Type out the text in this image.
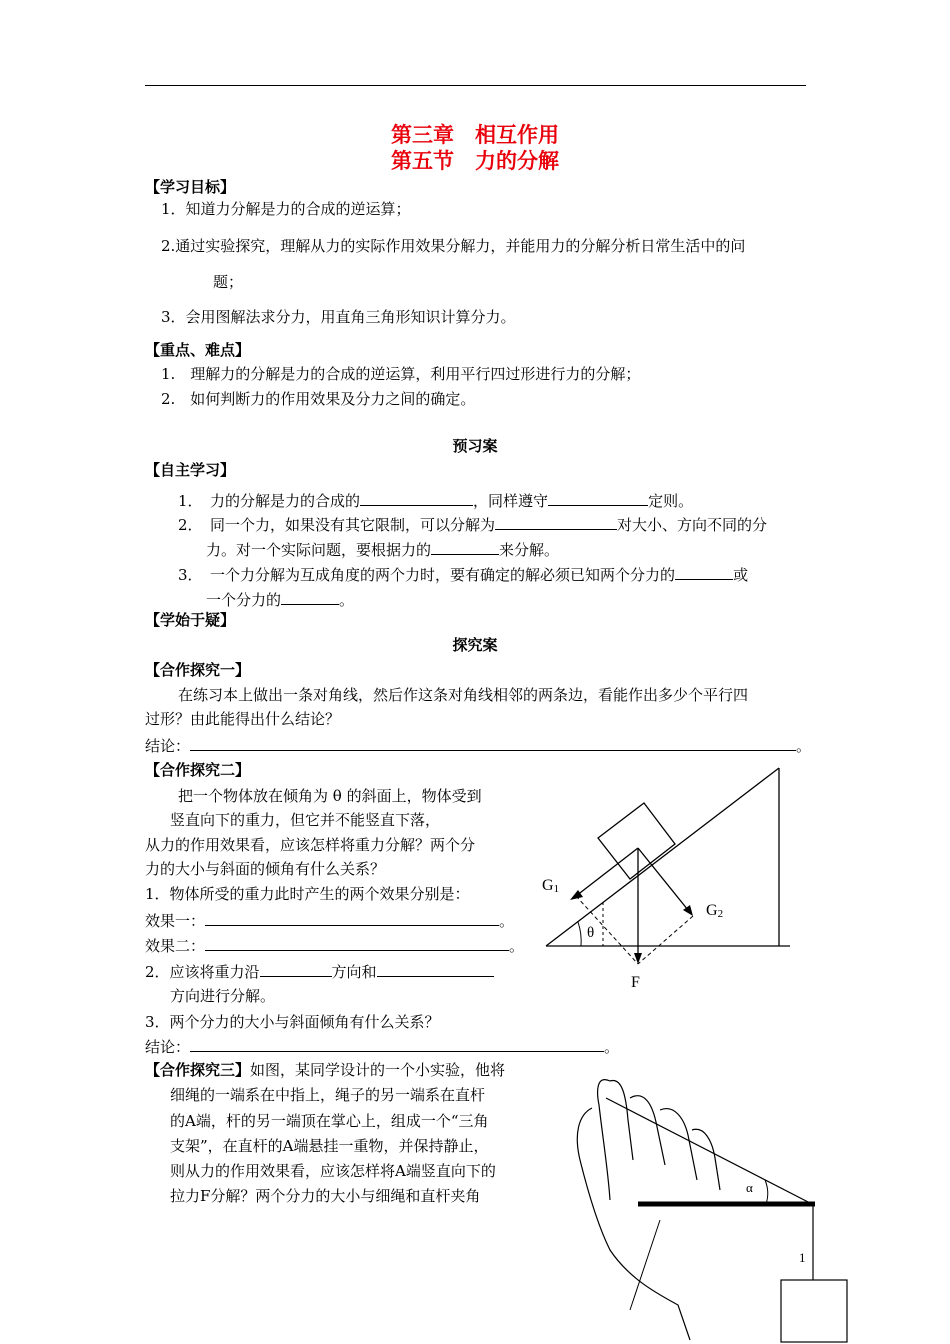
第三章　相互作用
第五节　力的分解
【学习目标】
1．知道力分解是力的合成的逆运算；
2.通过实验探究，理解从力的实际作用效果分解力，并能用力的分解分析日常生活中的问
题；
3．会用图解法求分力，用直角三角形知识计算分力。
【重点、难点】
1.　理解力的分解是力的合成的逆运算，利用平行四过形进行力的分解；
2.　如何判断力的作用效果及分力之间的确定。
预习案
【自主学习】
1．　力的分解是力的合成的	，同样遵守	定则。
2．　同一个力，如果没有其它限制，可以分解为	对大小、方向不同的分
力。对一个实际问题，要根据力的	来分解。
3．　一个力分解为互成角度的两个力时，要有确定的解必须已知两个分力的	或
一个分力的	。
【学始于疑】
探究案
【合作探究一】
在练习本上做出一条对角线，然后作这条对角线相邻的两条边，看能作出多少个平行四
过形？由此能得出什么结论？
结论：	。
【合作探究二】
把一个物体放在倾角为 θ 的斜面上，物体受到
竖直向下的重力，但它并不能竖直下落，
从力的作用效果看，应该怎样将重力分解？两个分
力的大小与斜面的倾角有什么关系？
1．物体所受的重力此时产生的两个效果分别是：
效果一：	。
效果二：	。
2．应该将重力沿	方向和
方向进行分解。
3．两个分力的大小与斜面倾角有什么关系？
结论：	。
【合作探究三】如图，某同学设计的一个小实验，他将
细绳的一端系在中指上，绳子的另一端系在直杆
的A端，杆的另一端顶在掌心上，组成一个“三角
支架”，在直杆的A端悬挂一重物，并保持静止，
则从力的作用效果看，应该怎样将A端竖直向下的
拉力F分解？两个分力的大小与细绳和直杆夹角
G1
G2
θ
F
α
1
